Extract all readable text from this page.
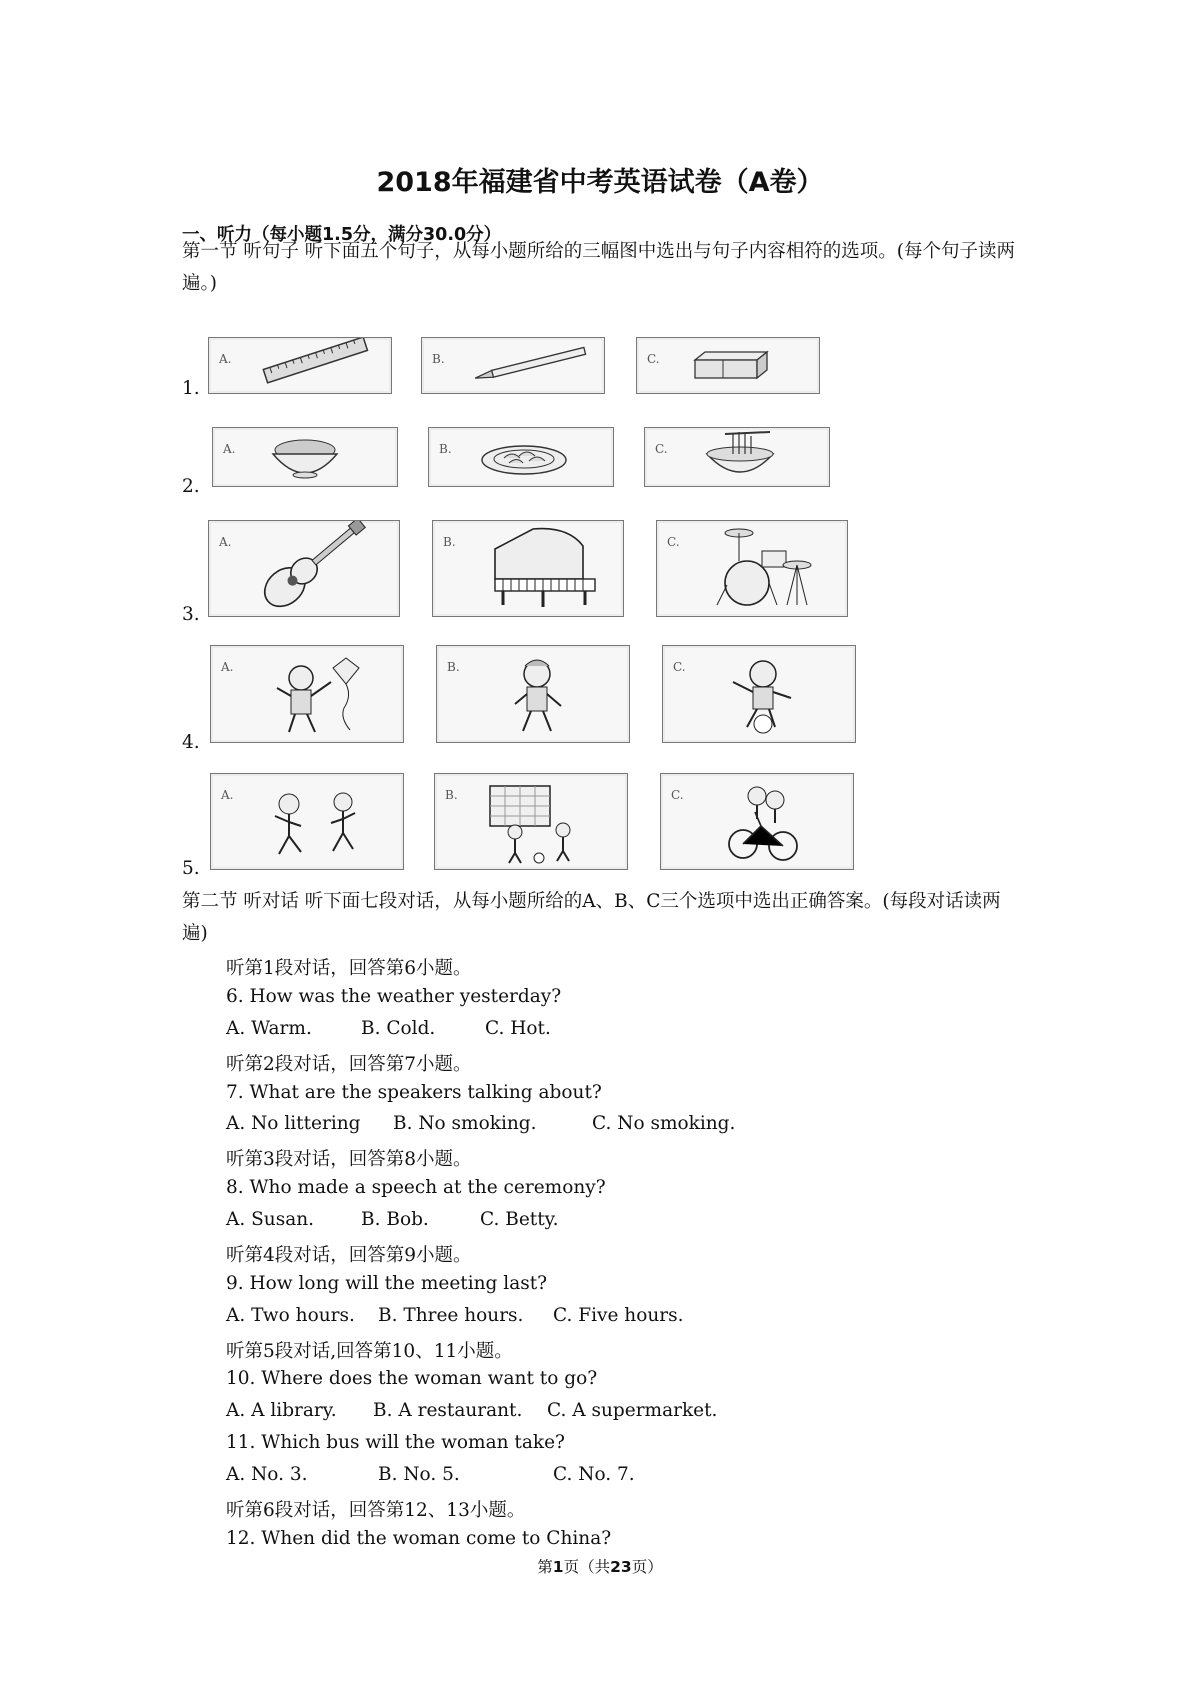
2018年福建省中考英语试卷（A卷）
一、听力（每小题1.5分，满分30.0分）
第一节 听句子 听下面五个句子，从每小题所给的三幅图中选出与句子内容相符的选项。(每个句子读两遍。)
1.
A.	B.	C.
2.
A.	B.	C.
3.
A.	B.	C.
4.
A.	B.	C.
5.
A.	B.	C.
第二节 听对话 听下面七段对话，从每小题所给的A、B、C三个选项中选出正确答案。(每段对话读两遍)
听第1段对话，回答第6小题。
6. How was the weather yesterday?
A. Warm.	B. Cold.	C. Hot.
听第2段对话，回答第7小题。
7. What are the speakers talking about?
A. No littering B. No smoking.	C. No smoking.
听第3段对话，回答第8小题。
8. Who made a speech at the ceremony?
A. Susan.	B. Bob.	C. Betty.
听第4段对话，回答第9小题。
9. How long will the meeting last?
A. Two hours. B. Three hours. C. Five hours.
听第5段对话,回答第10、11小题。
10. Where does the woman want to go?
A. A library. B. A restaurant. C. A supermarket.
11. Which bus will the woman take?
A. No. 3.	B. No. 5.	C. No. 7.
听第6段对话，回答第12、13小题。
12. When did the woman come to China?
第1页（共23页）
